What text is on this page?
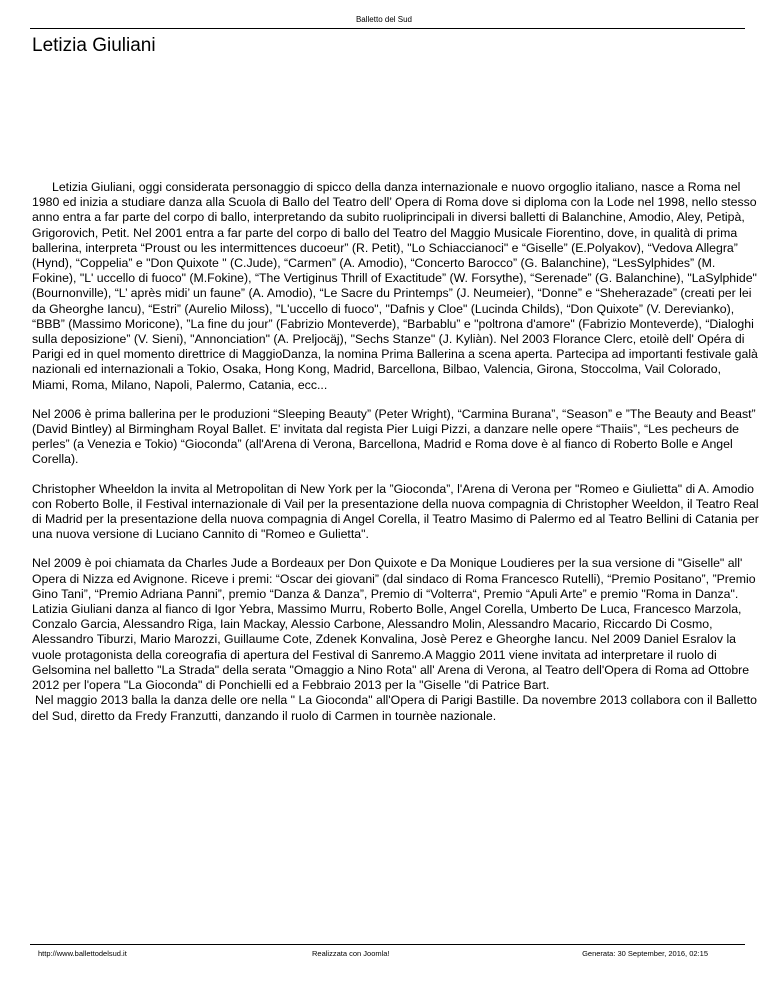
Balletto del Sud
Letizia Giuliani

Letizia Giuliani, oggi considerata personaggio di spicco della danza internazionale e nuovo orgoglio italiano, nasce a Roma nel 1980 ed inizia a studiare danza alla Scuola di Ballo del Teatro dell’ Opera di Roma dove si diploma con la Lode nel 1998, nello stesso anno entra a far parte del corpo di ballo, interpretando da subito ruoliprincipali in diversi balletti di Balanchine, Amodio, Aley, Petipà, Grigorovich, Petit. Nel 2001 entra a far parte del corpo di ballo del Teatro del Maggio Musicale Fiorentino, dove, in qualità di prima ballerina, interpreta “Proust ou les intermittences ducoeur” (R. Petit), "Lo Schiaccianoci" e “Giselle” (E.Polyakov), “Vedova Allegra” (Hynd), “Coppelia” e "Don Quixote " (C.Jude), “Carmen” (A. Amodio), “Concerto Barocco” (G. Balanchine), “LesSylphides” (M. Fokine), "L' uccello di fuoco" (M.Fokine), “The Vertiginus Thrill of Exactitude” (W. Forsythe), “Serenade” (G. Balanchine), "LaSylphide" (Bournonville), “L’ après midi’ un faune” (A. Amodio), “Le Sacre du Printemps” (J. Neumeier), “Donne” e “Sheherazade” (creati per lei da Gheorghe Iancu), “Estri” (Aurelio Miloss), "L'uccello di fuoco", "Dafnis y Cloe" (Lucinda Childs), “Don Quixote” (V. Derevianko), “BBB” (Massimo Moricone), ”La fine du jour” (Fabrizio Monteverde), “Barbablu” e "poltrona d'amore" (Fabrizio Monteverde), “Dialoghi sulla deposizione” (V. Sieni), "Annonciation" (A. Preljocäj), "Sechs Stanze" (J. Kyliàn). Nel 2003 Florance Clerc, etoilè dell' Opéra di Parigi ed in quel momento direttrice di MaggioDanza, la nomina Prima Ballerina a scena aperta. Partecipa ad importanti festivale galà nazionali ed internazionali a Tokio, Osaka, Hong Kong, Madrid, Barcellona, Bilbao, Valencia, Girona, Stoccolma, Vail Colorado, Miami, Roma, Milano, Napoli, Palermo, Catania, ecc...

Nel 2006 è prima ballerina per le produzioni “Sleeping Beauty” (Peter Wright), “Carmina Burana”, “Season” e ”The Beauty and Beast” (David Bintley) al Birmingham Royal Ballet. E' invitata dal regista Pier Luigi Pizzi, a danzare nelle opere “Thaiis”, “Les pecheurs de perles” (a Venezia e Tokio) “Gioconda” (all'Arena di Verona, Barcellona, Madrid e Roma dove è al fianco di Roberto Bolle e Angel Corella).

Christopher Wheeldon la invita al Metropolitan di New York per la ”Gioconda”, l'Arena di Verona per "Romeo e Giulietta" di A. Amodio con Roberto Bolle, il Festival internazionale di Vail per la presentazione della nuova compagnia di Christopher Weeldon, il Teatro Real di Madrid per la presentazione della nuova compagnia di Angel Corella, il Teatro Masimo di Palermo ed al Teatro Bellini di Catania per una nuova versione di Luciano Cannito di "Romeo e Gulietta".

Nel 2009 è poi chiamata da Charles Jude a Bordeaux per Don Quixote e Da Monique Loudieres per la sua versione di "Giselle" all' Opera di Nizza ed Avignone. Riceve i premi: “Oscar dei giovani” (dal sindaco di Roma Francesco Rutelli), “Premio Positano”, ”Premio Gino Tani”, “Premio Adriana Panni”, premio “Danza & Danza”, Premio di “Volterra“, Premio “Apuli Arte” e premio "Roma in Danza". Latizia Giuliani danza al fianco di Igor Yebra, Massimo Murru, Roberto Bolle, Angel Corella, Umberto De Luca, Francesco Marzola, Conzalo Garcia, Alessandro Riga, Iain Mackay, Alessio Carbone, Alessandro Molin, Alessandro Macario, Riccardo Di Cosmo, Alessandro Tiburzi, Mario Marozzi, Guillaume Cote, Zdenek Konvalina, Josè Perez e Gheorghe Iancu. Nel 2009 Daniel Esralov la vuole protagonista della coreografia di apertura del Festival di Sanremo.A Maggio 2011 viene invitata ad interpretare il ruolo di Gelsomina nel balletto "La Strada" della serata "Omaggio a Nino Rota" all' Arena di Verona, al Teatro dell'Opera di Roma ad Ottobre 2012 per l'opera "La Gioconda" di Ponchielli ed a Febbraio 2013 per la "Giselle "di Patrice Bart.
Nel maggio 2013 balla la danza delle ore nella " La Gioconda" all'Opera di Parigi Bastille. Da novembre 2013 collabora con il Balletto del Sud, diretto da Fredy Franzutti, danzando il ruolo di Carmen in tournèe nazionale.

http://www.ballettodelsud.it	Realizzata con Joomla!	Generata: 30 September, 2016, 02:15
